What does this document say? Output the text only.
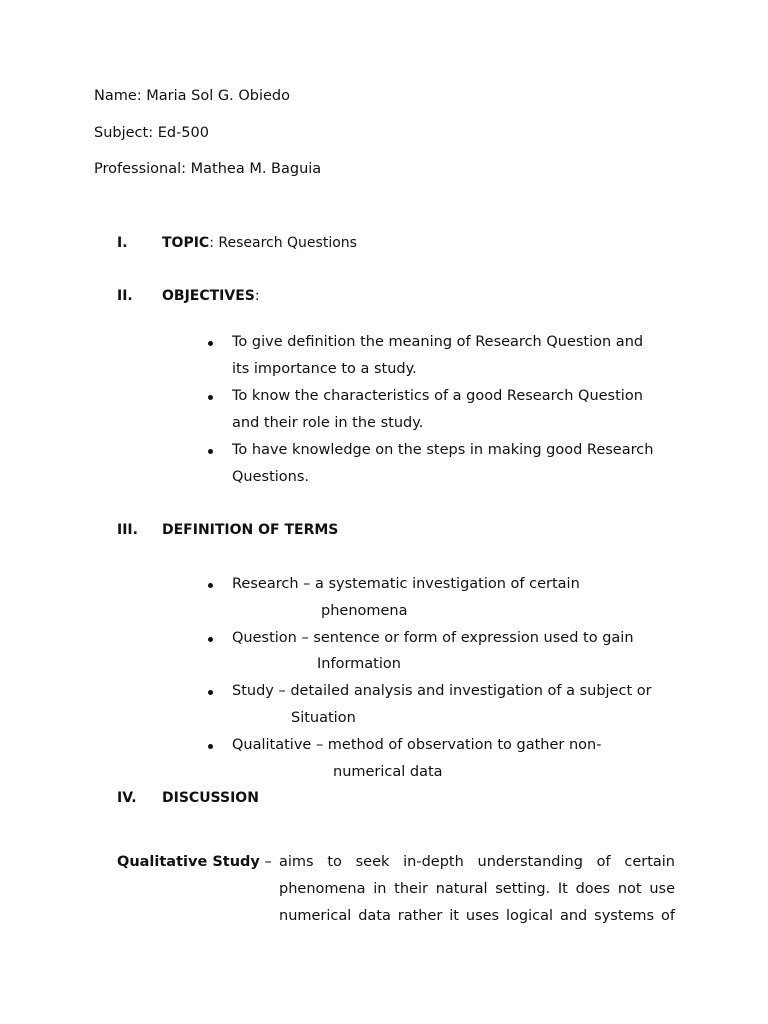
Name: Maria Sol G. Obiedo
Subject: Ed-500
Professional: Mathea M. Baguia
I. TOPIC: Research Questions
II. OBJECTIVES:
To give definition the meaning of Research Question and
its importance to a study.
To know the characteristics of a good Research Question
and their role in the study.
To have knowledge on the steps in making good Research
Questions.
III. DEFINITION OF TERMS
Research – a systematic investigation of certain
phenomena
Question – sentence or form of expression used to gain
Information
Study – detailed analysis and investigation of a subject or
Situation
Qualitative – method of observation to gather non-
numerical data
IV. DISCUSSION
Qualitative Study – aims to seek in-depth understanding of certain
phenomena in their natural setting. It does not use
numerical data rather it uses logical and systems of
